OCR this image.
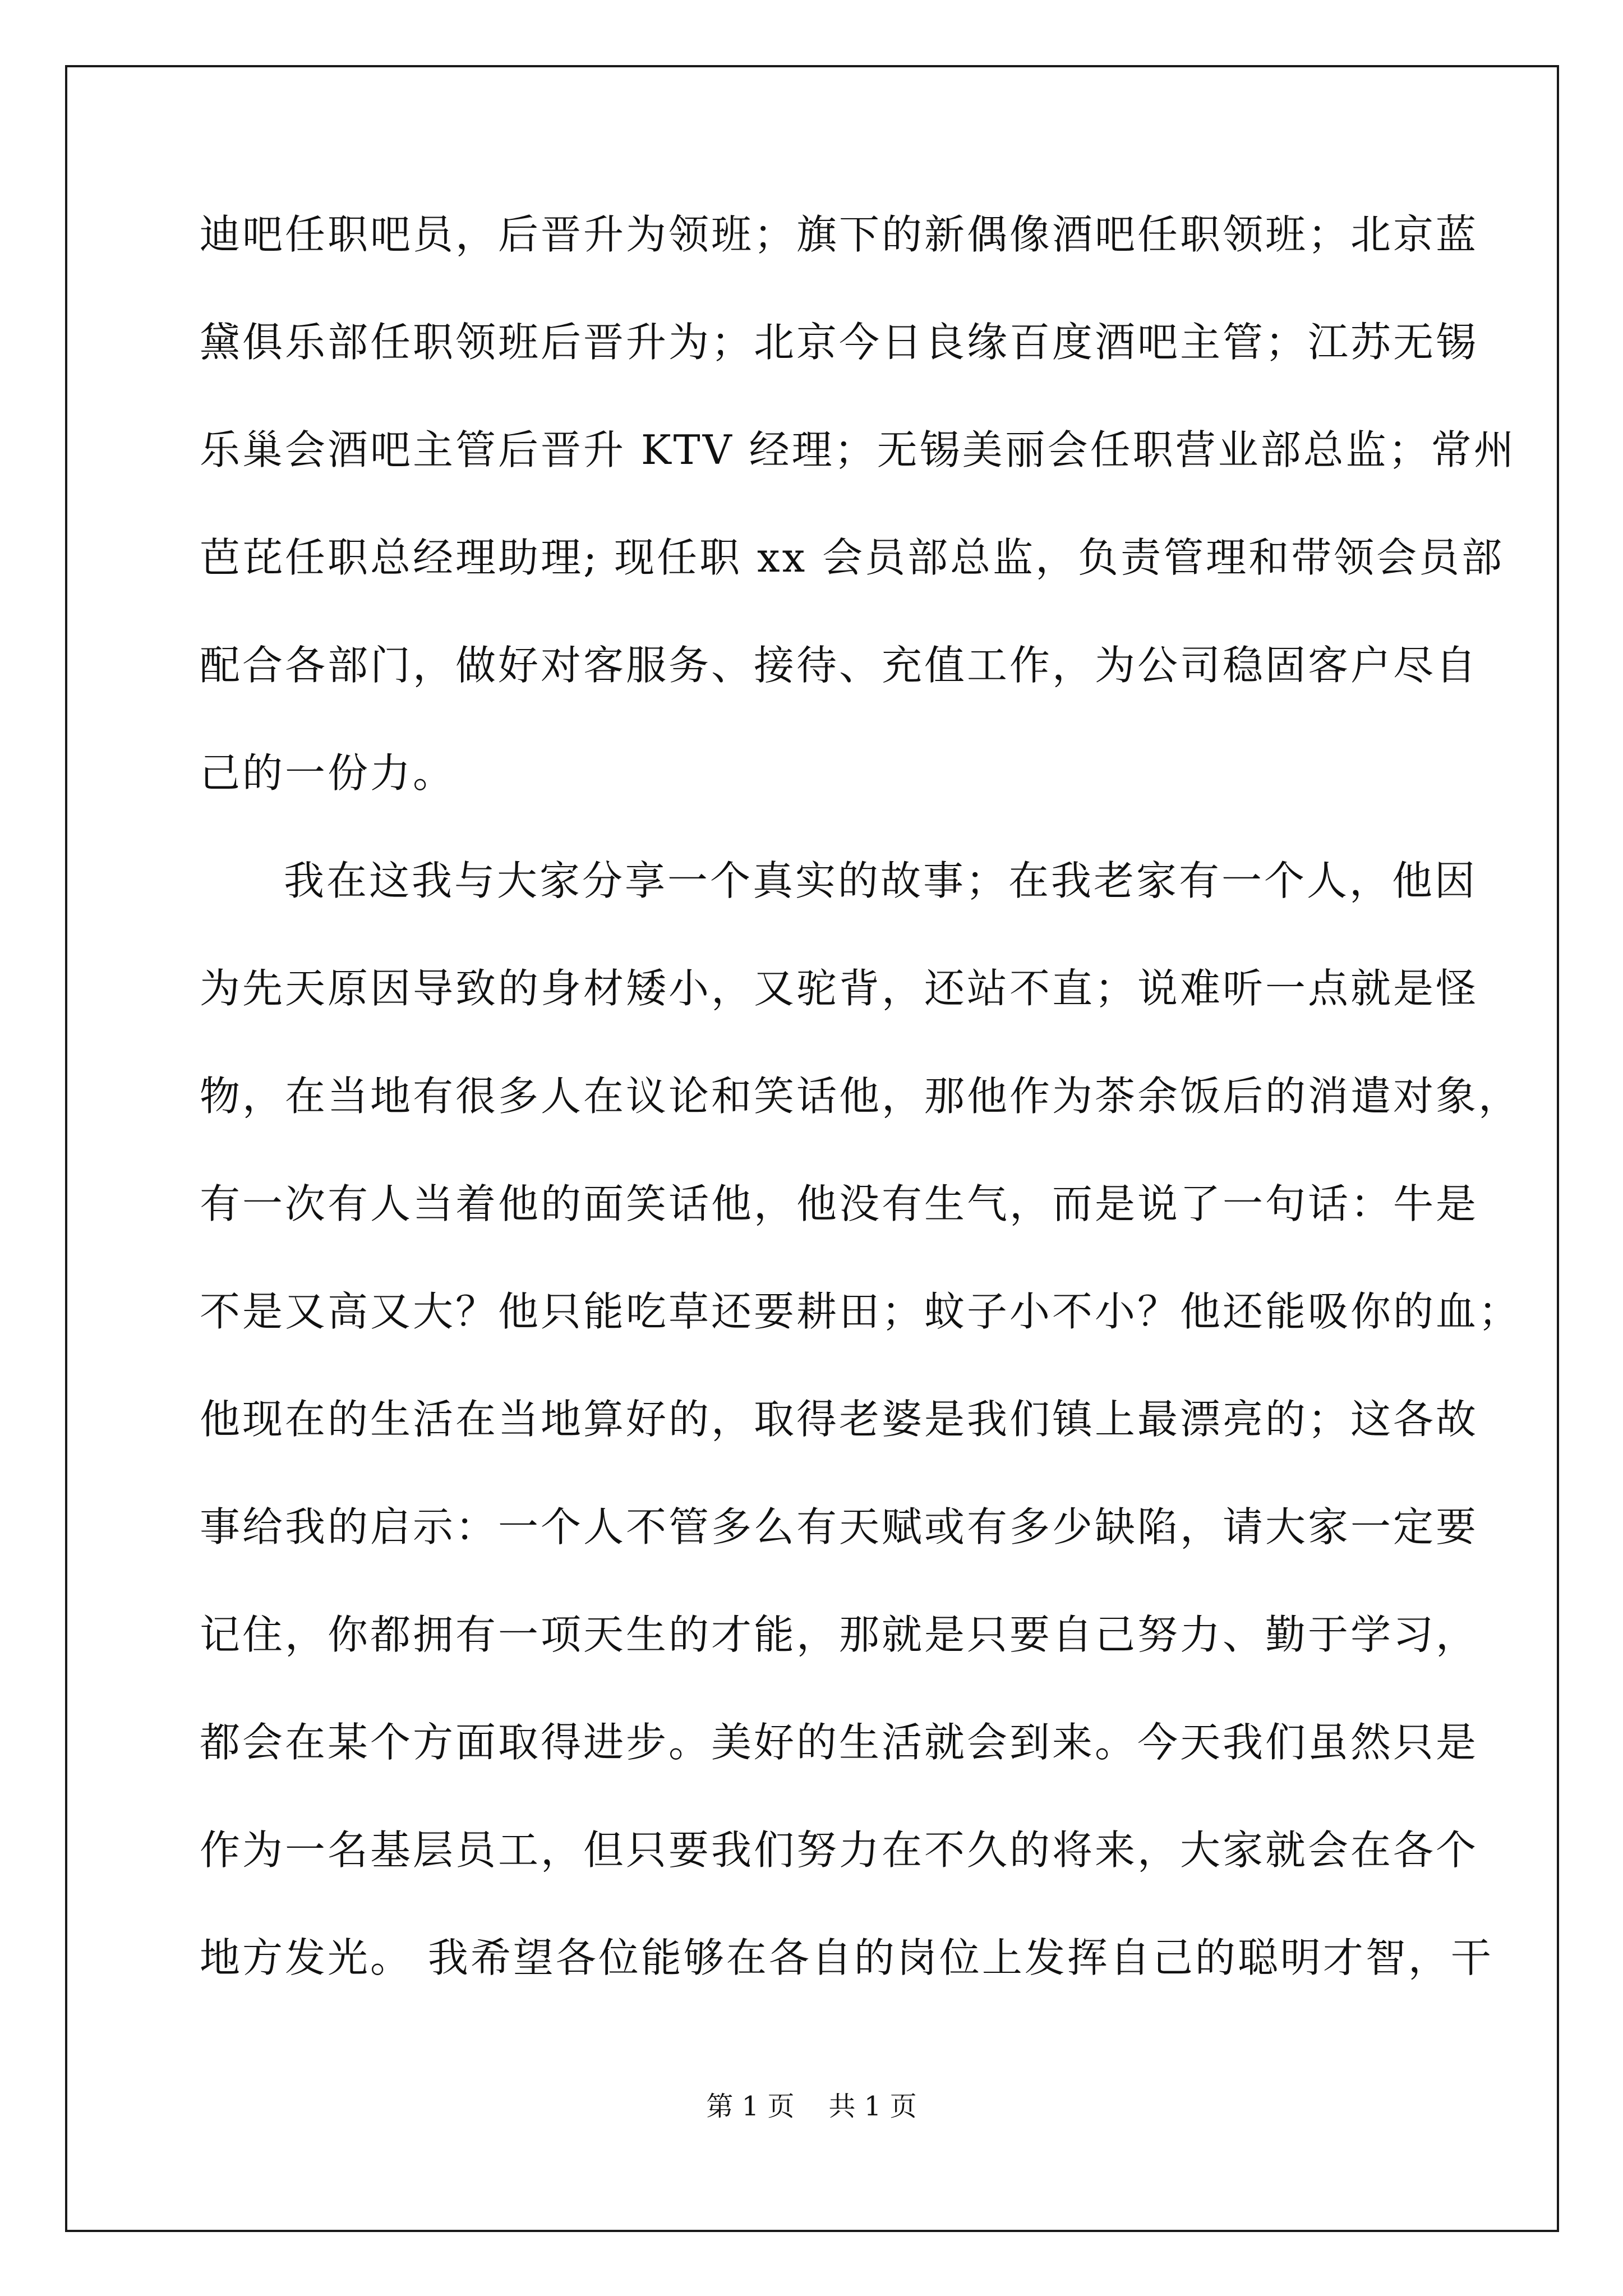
迪吧任职吧员，后晋升为领班；旗下的新偶像酒吧任职领班；北京蓝
黛俱乐部任职领班后晋升为；北京今日良缘百度酒吧主管；江苏无锡
乐巢会酒吧主管后晋升 KTV 经理；无锡美丽会任职营业部总监；常州
芭芘任职总经理助理; 现任职 xx 会员部总监，负责管理和带领会员部
配合各部门，做好对客服务、接待、充值工作，为公司稳固客户尽自
己的一份力。
我在这我与大家分享一个真实的故事；在我老家有一个人，他因
为先天原因导致的身材矮小，又驼背，还站不直；说难听一点就是怪
物，在当地有很多人在议论和笑话他，那他作为茶余饭后的消遣对象，
有一次有人当着他的面笑话他，他没有生气，而是说了一句话：牛是
不是又高又大？他只能吃草还要耕田；蚊子小不小？他还能吸你的血；
他现在的生活在当地算好的，取得老婆是我们镇上最漂亮的；这各故
事给我的启示：一个人不管多么有天赋或有多少缺陷，请大家一定要
记住，你都拥有一项天生的才能，那就是只要自己努力、勤于学习，
都会在某个方面取得进步。美好的生活就会到来。今天我们虽然只是
作为一名基层员工，但只要我们努力在不久的将来，大家就会在各个
地方发光。 我希望各位能够在各自的岗位上发挥自己的聪明才智，干
第 1 页    共 1 页
